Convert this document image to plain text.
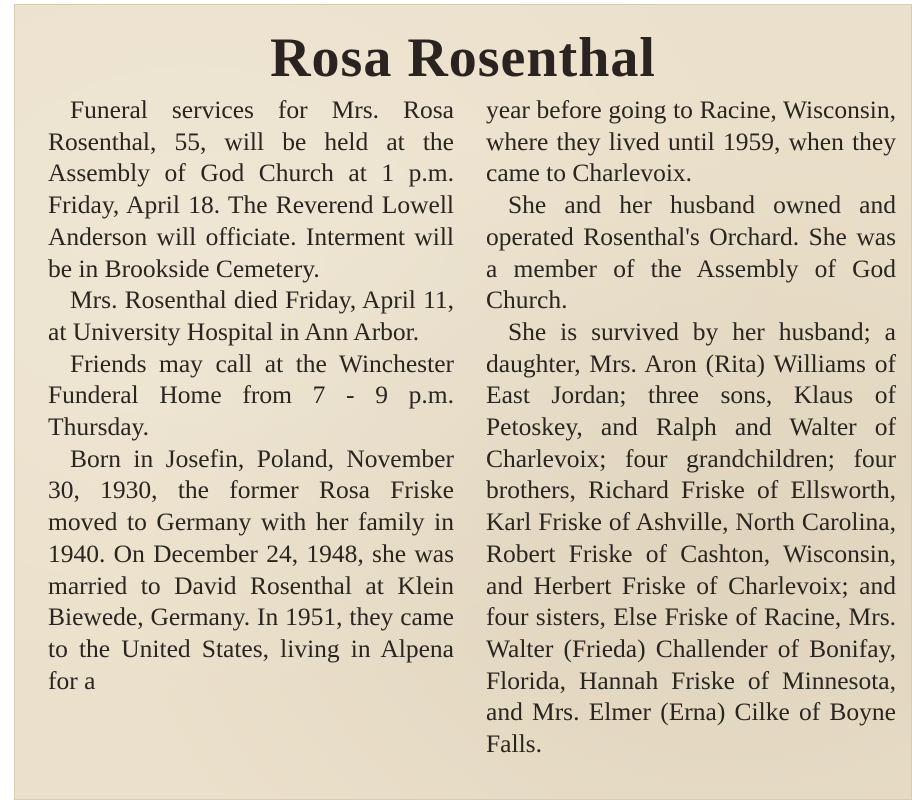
Rosa Rosenthal

Funeral services for Mrs. Rosa Rosenthal, 55, will be held at the Assembly of God Church at 1 p.m. Friday, April 18. The Reverend Lowell Anderson will officiate. Interment will be in Brookside Cemetery.

Mrs. Rosenthal died Friday, April 11, at University Hospital in Ann Arbor.

Friends may call at the Winchester Funderal Home from 7 - 9 p.m. Thursday.

Born in Josefin, Poland, November 30, 1930, the former Rosa Friske moved to Germany with her family in 1940. On December 24, 1948, she was married to David Rosenthal at Klein Biewede, Germany. In 1951, they came to the United States, living in Alpena for a

year before going to Racine, Wisconsin, where they lived until 1959, when they came to Charlevoix.

She and her husband owned and operated Rosenthal's Orchard. She was a member of the Assembly of God Church.

She is survived by her husband; a daughter, Mrs. Aron (Rita) Williams of East Jordan; three sons, Klaus of Petoskey, and Ralph and Walter of Charlevoix; four grandchildren; four brothers, Richard Friske of Ellsworth, Karl Friske of Ashville, North Carolina, Robert Friske of Cashton, Wisconsin, and Herbert Friske of Charlevoix; and four sisters, Else Friske of Racine, Mrs. Walter (Frieda) Challender of Bonifay, Florida, Hannah Friske of Minnesota, and Mrs. Elmer (Erna) Cilke of Boyne Falls.
